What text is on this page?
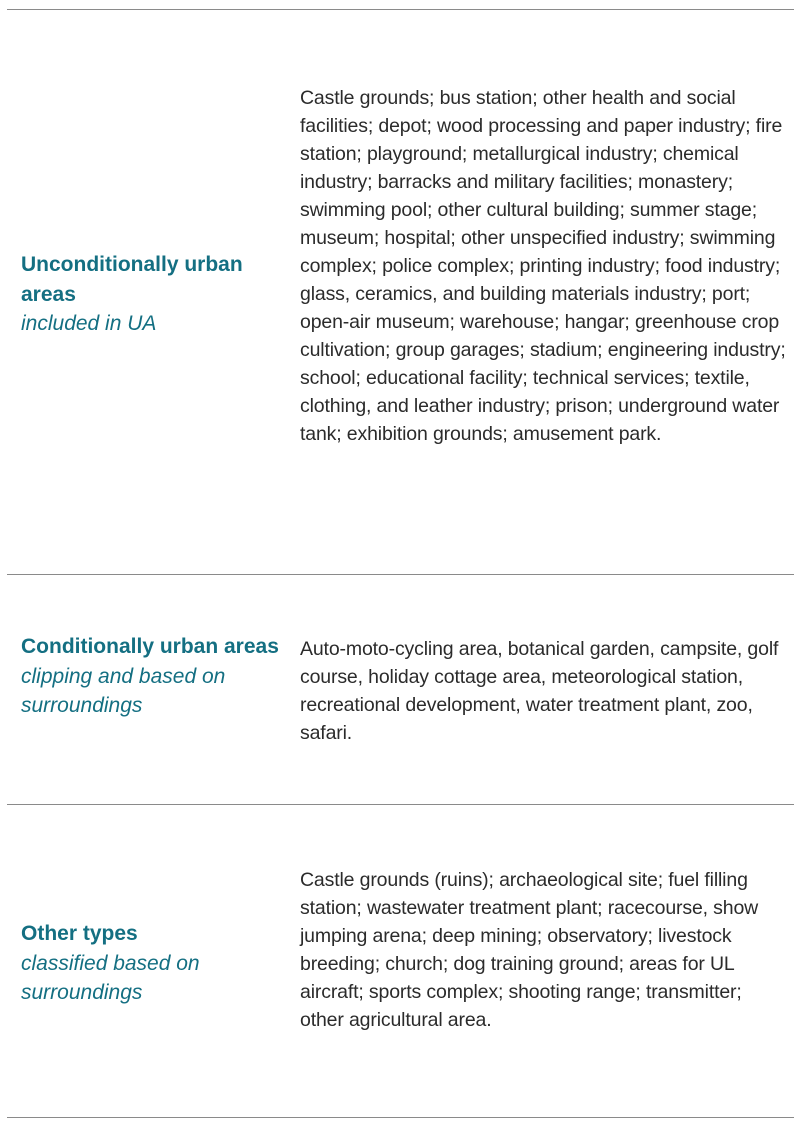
Unconditionally urban areas
included in UA
Castle grounds; bus station; other health and social facilities; depot; wood processing and paper industry; fire station; playground; metallurgical industry; chemical industry; barracks and military facilities; monastery; swimming pool; other cultural building; summer stage; museum; hospital; other unspecified industry; swimming complex; police complex; printing industry; food industry; glass, ceramics, and building materials industry; port; open-air museum; warehouse; hangar; greenhouse crop cultivation; group garages; stadium; engineering industry; school; educational facility; technical services; textile, clothing, and leather industry; prison; underground water tank; exhibition grounds; amusement park.
Conditionally urban areas
clipping and based on surroundings
Auto-moto-cycling area, botanical garden, campsite, golf course, holiday cottage area, meteorological station, recreational development, water treatment plant, zoo, safari.
Other types
classified based on surroundings
Castle grounds (ruins); archaeological site; fuel filling station; wastewater treatment plant; racecourse, show jumping arena; deep mining; observatory; livestock breeding; church; dog training ground; areas for UL aircraft; sports complex; shooting range; transmitter; other agricultural area.
